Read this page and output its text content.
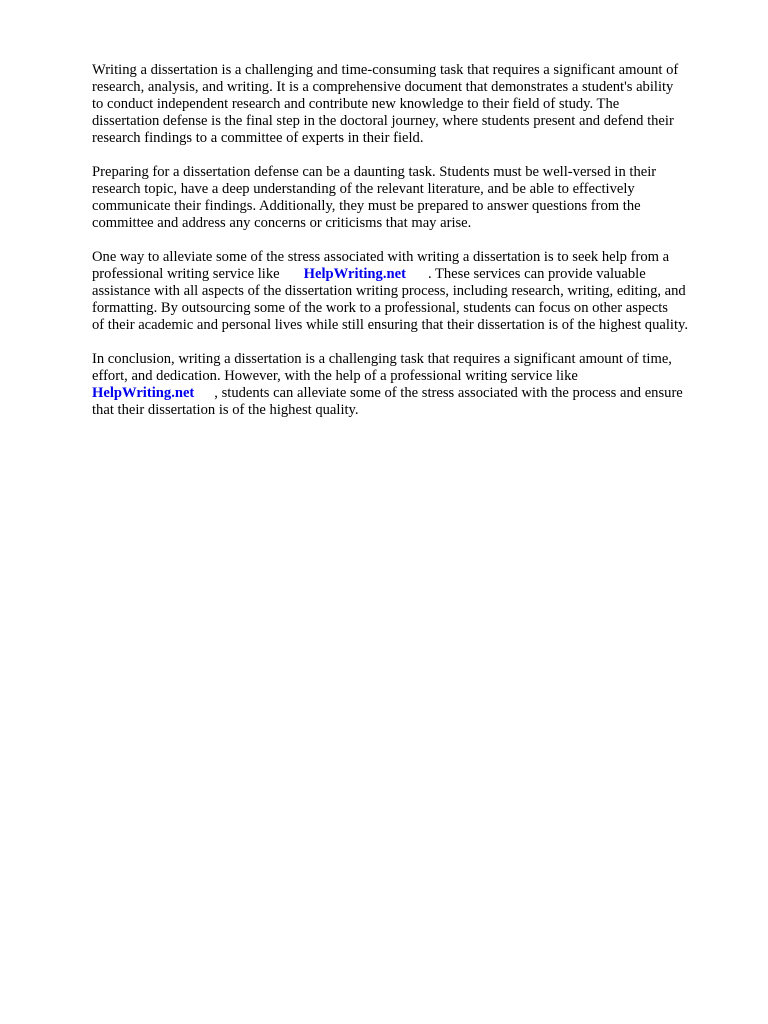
Writing a dissertation is a challenging and time-consuming task that requires a significant amount of
research, analysis, and writing. It is a comprehensive document that demonstrates a student's ability
to conduct independent research and contribute new knowledge to their field of study. The
dissertation defense is the final step in the doctoral journey, where students present and defend their
research findings to a committee of experts in their field.

Preparing for a dissertation defense can be a daunting task. Students must be well-versed in their
research topic, have a deep understanding of the relevant literature, and be able to effectively
communicate their findings. Additionally, they must be prepared to answer questions from the
committee and address any concerns or criticisms that may arise.

One way to alleviate some of the stress associated with writing a dissertation is to seek help from a
professional writing service like HelpWriting.net . These services can provide valuable
assistance with all aspects of the dissertation writing process, including research, writing, editing, and
formatting. By outsourcing some of the work to a professional, students can focus on other aspects
of their academic and personal lives while still ensuring that their dissertation is of the highest quality.

In conclusion, writing a dissertation is a challenging task that requires a significant amount of time,
effort, and dedication. However, with the help of a professional writing service like
HelpWriting.net , students can alleviate some of the stress associated with the process and ensure
that their dissertation is of the highest quality.
